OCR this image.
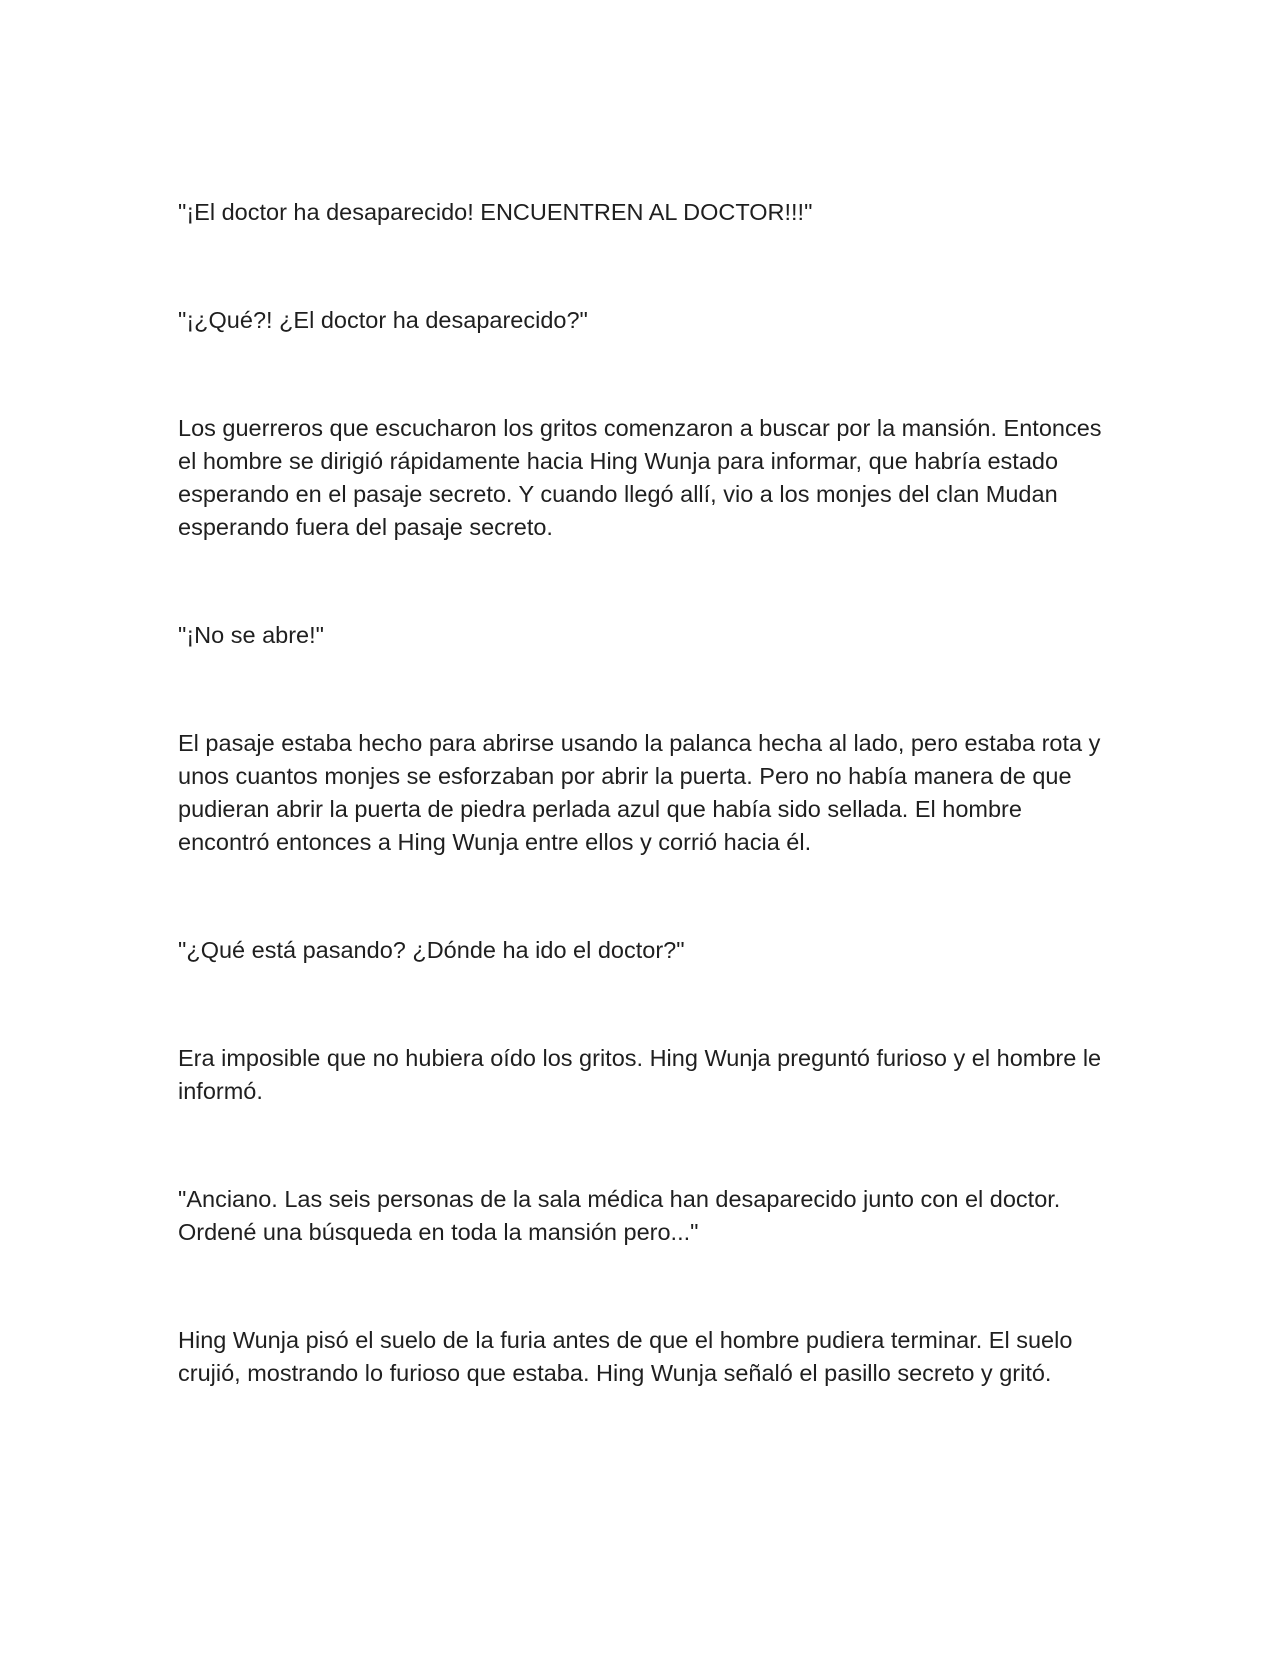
"¡El doctor ha desaparecido! ENCUENTREN AL DOCTOR!!!"

"¡¿Qué?! ¿El doctor ha desaparecido?"

Los guerreros que escucharon los gritos comenzaron a buscar por la mansión. Entonces el hombre se dirigió rápidamente hacia Hing Wunja para informar, que habría estado esperando en el pasaje secreto. Y cuando llegó allí, vio a los monjes del clan Mudan esperando fuera del pasaje secreto.

"¡No se abre!"

El pasaje estaba hecho para abrirse usando la palanca hecha al lado, pero estaba rota y unos cuantos monjes se esforzaban por abrir la puerta. Pero no había manera de que pudieran abrir la puerta de piedra perlada azul que había sido sellada. El hombre encontró entonces a Hing Wunja entre ellos y corrió hacia él.

"¿Qué está pasando? ¿Dónde ha ido el doctor?"

Era imposible que no hubiera oído los gritos. Hing Wunja preguntó furioso y el hombre le informó.

"Anciano. Las seis personas de la sala médica han desaparecido junto con el doctor. Ordené una búsqueda en toda la mansión pero..."

Hing Wunja pisó el suelo de la furia antes de que el hombre pudiera terminar. El suelo crujió, mostrando lo furioso que estaba. Hing Wunja señaló el pasillo secreto y gritó.
